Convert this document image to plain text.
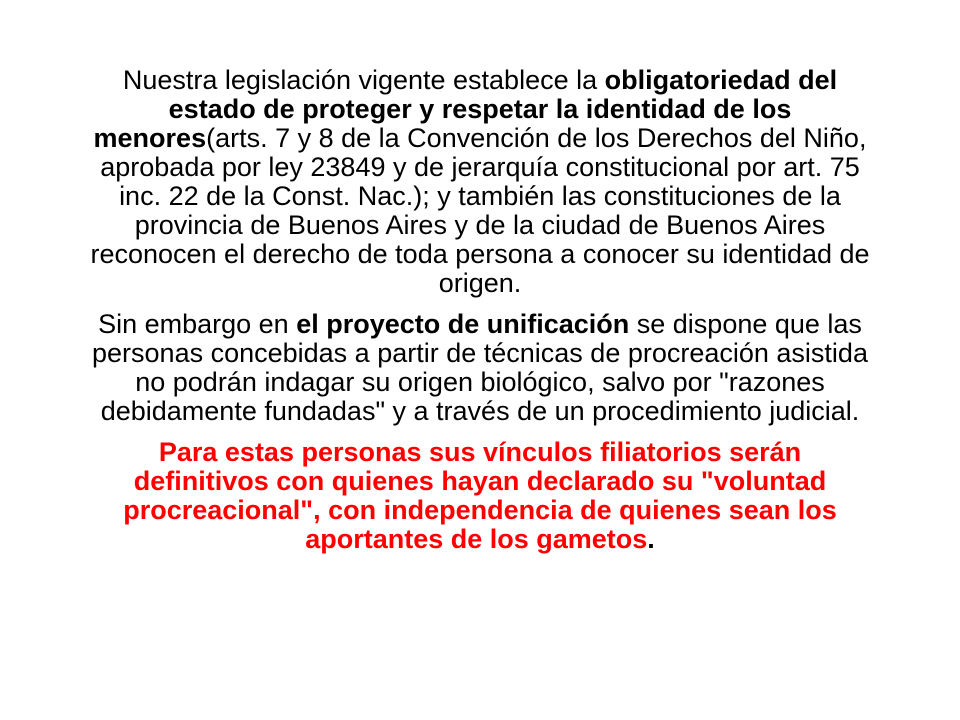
Nuestra legislación vigente establece la obligatoriedad del estado de proteger y respetar la identidad de los menores(arts. 7 y 8 de la Convención de los Derechos del Niño, aprobada por ley 23849 y de jerarquía constitucional por art. 75 inc. 22 de la Const. Nac.); y también las constituciones de la provincia de Buenos Aires y de la ciudad de Buenos Aires reconocen el derecho de toda persona a conocer su identidad de origen.

Sin embargo en el proyecto de unificación se dispone que las personas concebidas a partir de técnicas de procreación asistida no podrán indagar su origen biológico, salvo por "razones debidamente fundadas" y a través de un procedimiento judicial.

Para estas personas sus vínculos filiatorios serán definitivos con quienes hayan declarado su "voluntad procreacional", con independencia de quienes sean los aportantes de los gametos.
